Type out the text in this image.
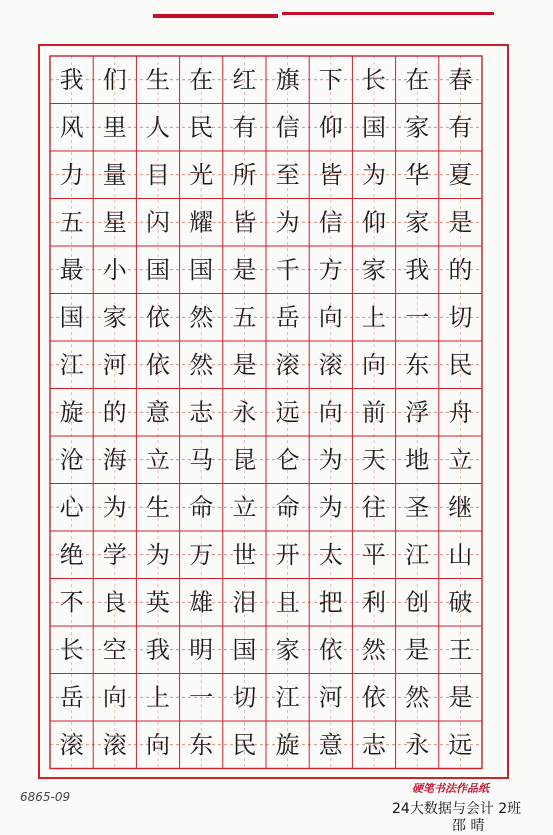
春
有
夏
是
的
切
民
舟
立
继
山
破
王
是
远
在
家
华
家
我
一
东
浮
地
圣
江
创
是
然
永
长
国
为
仰
家
上
向
前
天
往
平
利
然
依
志
下
仰
皆
信
方
向
滚
向
为
为
太
把
依
河
意
旗
信
至
为
千
岳
滚
远
仑
命
开
且
家
江
旋
红
有
所
皆
是
五
是
永
昆
立
世
泪
国
切
民
在
民
光
耀
国
然
然
志
马
命
万
雄
明
一
东
生
人
目
闪
国
依
依
意
立
生
为
英
我
上
向
们
里
量
星
小
家
河
的
海
为
学
良
空
向
滚
我
风
力
五
最
国
江
旋
沧
心
绝
不
长
岳
滚
6865-09
硬笔书法作品纸
24大数据与会计 2班
邵 晴
